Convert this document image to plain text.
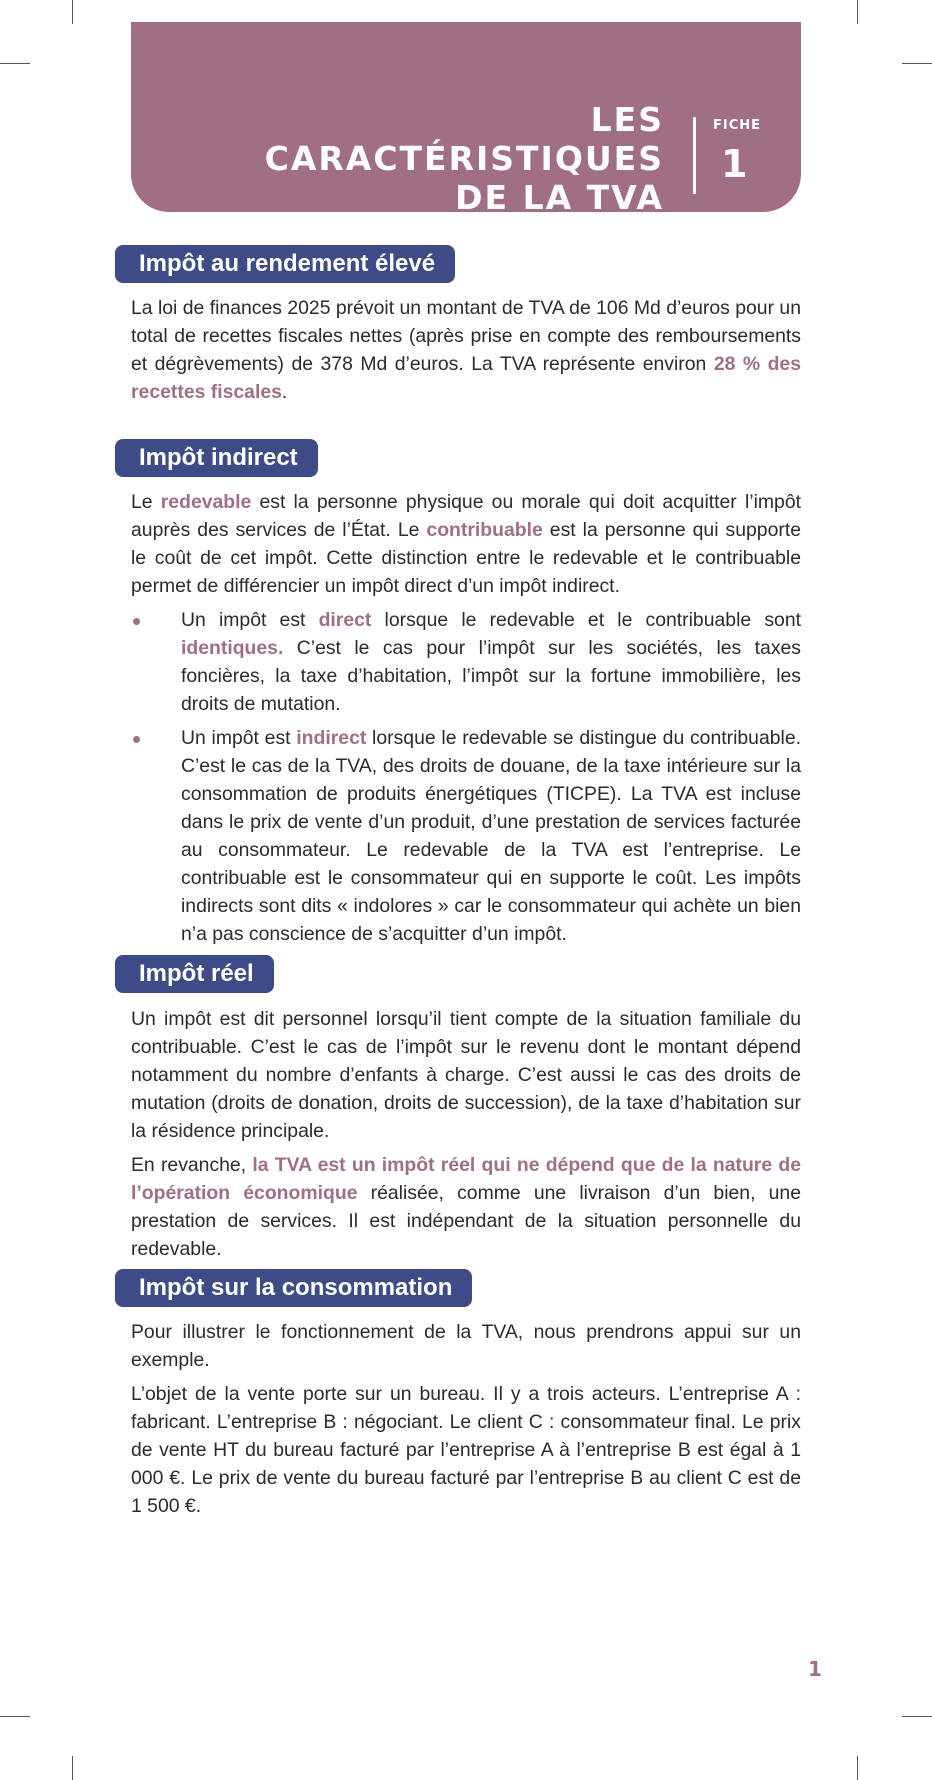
LES CARACTÉRISTIQUES
DE LA TVA
FICHE
1
Impôt au rendement élevé

La loi de finances 2025 prévoit un montant de TVA de 106 Md d’euros pour un total de recettes fiscales nettes (après prise en compte des remboursements et dégrèvements) de 378 Md d’euros. La TVA représente environ 28 % des recettes fiscales.

Impôt indirect

Le redevable est la personne physique ou morale qui doit acquitter l’impôt auprès des services de l’État. Le contribuable est la personne qui supporte le coût de cet impôt. Cette distinction entre le redevable et le contribuable permet de différencier un impôt direct d’un impôt indirect.

Un impôt est direct lorsque le redevable et le contribuable sont identiques. C’est le cas pour l’impôt sur les sociétés, les taxes foncières, la taxe d’habitation, l’impôt sur la fortune immobilière, les droits de mutation.
Un impôt est indirect lorsque le redevable se distingue du contribuable. C’est le cas de la TVA, des droits de douane, de la taxe intérieure sur la consommation de produits énergétiques (TICPE). La TVA est incluse dans le prix de vente d’un produit, d’une prestation de services facturée au consommateur. Le redevable de la TVA est l’entreprise. Le contribuable est le consommateur qui en supporte le coût. Les impôts indirects sont dits « indolores » car le consommateur qui achète un bien n’a pas conscience de s’acquitter d’un impôt.
Impôt réel

Un impôt est dit personnel lorsqu’il tient compte de la situation familiale du contribuable. C’est le cas de l’impôt sur le revenu dont le montant dépend notamment du nombre d’enfants à charge. C’est aussi le cas des droits de mutation (droits de donation, droits de succession), de la taxe d’habitation sur la résidence principale.

En revanche, la TVA est un impôt réel qui ne dépend que de la nature de l’opération économique réalisée, comme une livraison d’un bien, une prestation de services. Il est indépendant de la situation personnelle du redevable.

Impôt sur la consommation

Pour illustrer le fonctionnement de la TVA, nous prendrons appui sur un exemple.

L’objet de la vente porte sur un bureau. Il y a trois acteurs. L’entreprise A : fabricant. L’entreprise B : négociant. Le client C : consommateur final. Le prix de vente HT du bureau facturé par l’entreprise A à l’entreprise B est égal à 1 000 €. Le prix de vente du bureau facturé par l’entreprise B au client C est de 1 500 €.

1
